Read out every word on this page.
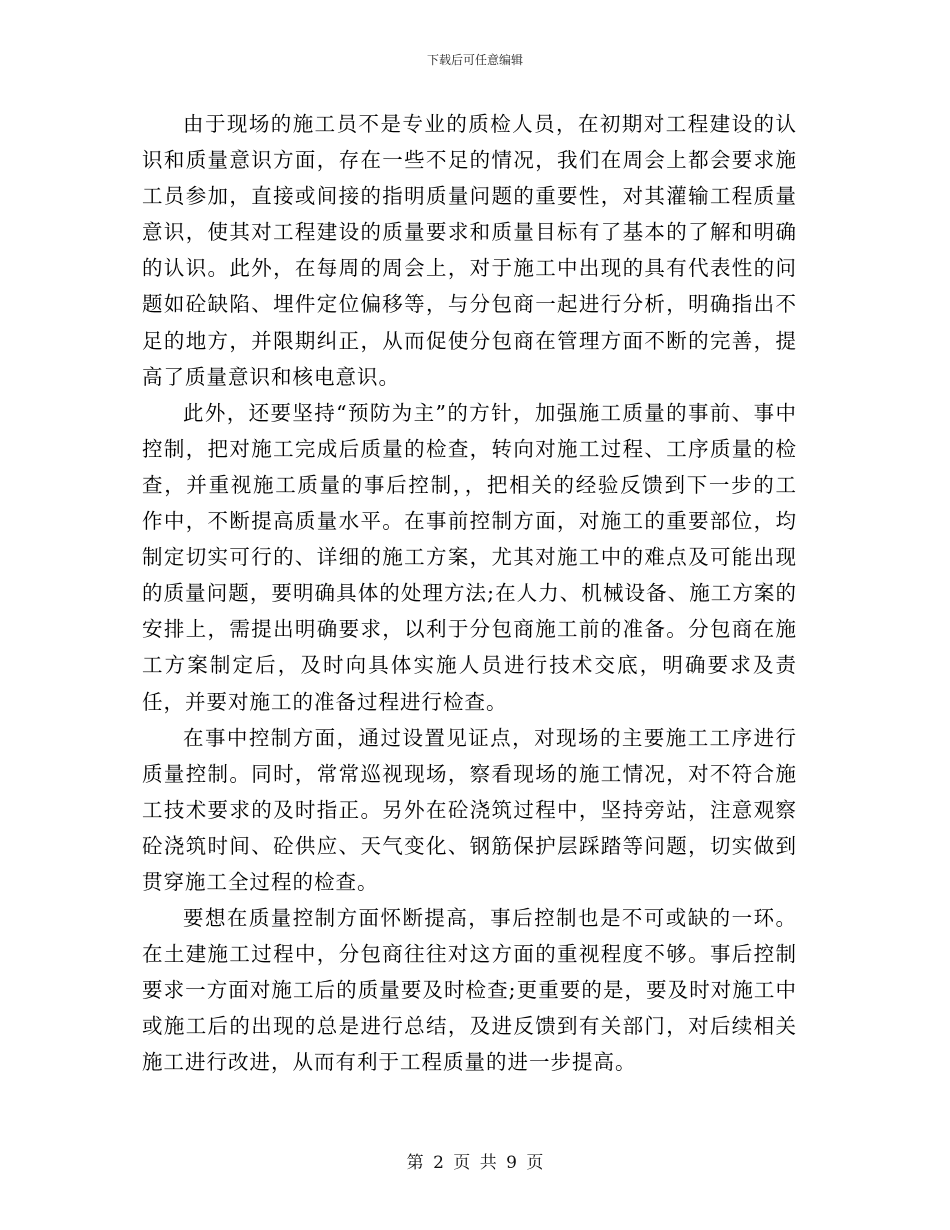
下载后可任意编辑

由于现场的施工员不是专业的质检人员，在初期对工程建设的认识和质量意识方面，存在一些不足的情况，我们在周会上都会要求施工员参加，直接或间接的指明质量问题的重要性，对其灌输工程质量意识，使其对工程建设的质量要求和质量目标有了基本的了解和明确的认识。此外，在每周的周会上，对于施工中出现的具有代表性的问题如砼缺陷、埋件定位偏移等，与分包商一起进行分析，明确指出不足的地方，并限期纠正，从而促使分包商在管理方面不断的完善，提高了质量意识和核电意识。

此外，还要坚持“预防为主”的方针，加强施工质量的事前、事中控制，把对施工完成后质量的检查，转向对施工过程、工序质量的检查，并重视施工质量的事后控制，，把相关的经验反馈到下一步的工作中，不断提高质量水平。在事前控制方面，对施工的重要部位，均制定切实可行的、详细的施工方案，尤其对施工中的难点及可能出现的质量问题，要明确具体的处理方法;在人力、机械设备、施工方案的安排上，需提出明确要求，以利于分包商施工前的准备。分包商在施工方案制定后，及时向具体实施人员进行技术交底，明确要求及责任，并要对施工的准备过程进行检查。

在事中控制方面，通过设置见证点，对现场的主要施工工序进行质量控制。同时，常常巡视现场，察看现场的施工情况，对不符合施工技术要求的及时指正。另外在砼浇筑过程中，坚持旁站，注意观察砼浇筑时间、砼供应、天气变化、钢筋保护层踩踏等问题，切实做到贯穿施工全过程的检查。

要想在质量控制方面怀断提高，事后控制也是不可或缺的一环。在土建施工过程中，分包商往往对这方面的重视程度不够。事后控制要求一方面对施工后的质量要及时检查;更重要的是，要及时对施工中或施工后的出现的总是进行总结，及进反馈到有关部门，对后续相关施工进行改进，从而有利于工程质量的进一步提高。

第 2 页 共 9 页
